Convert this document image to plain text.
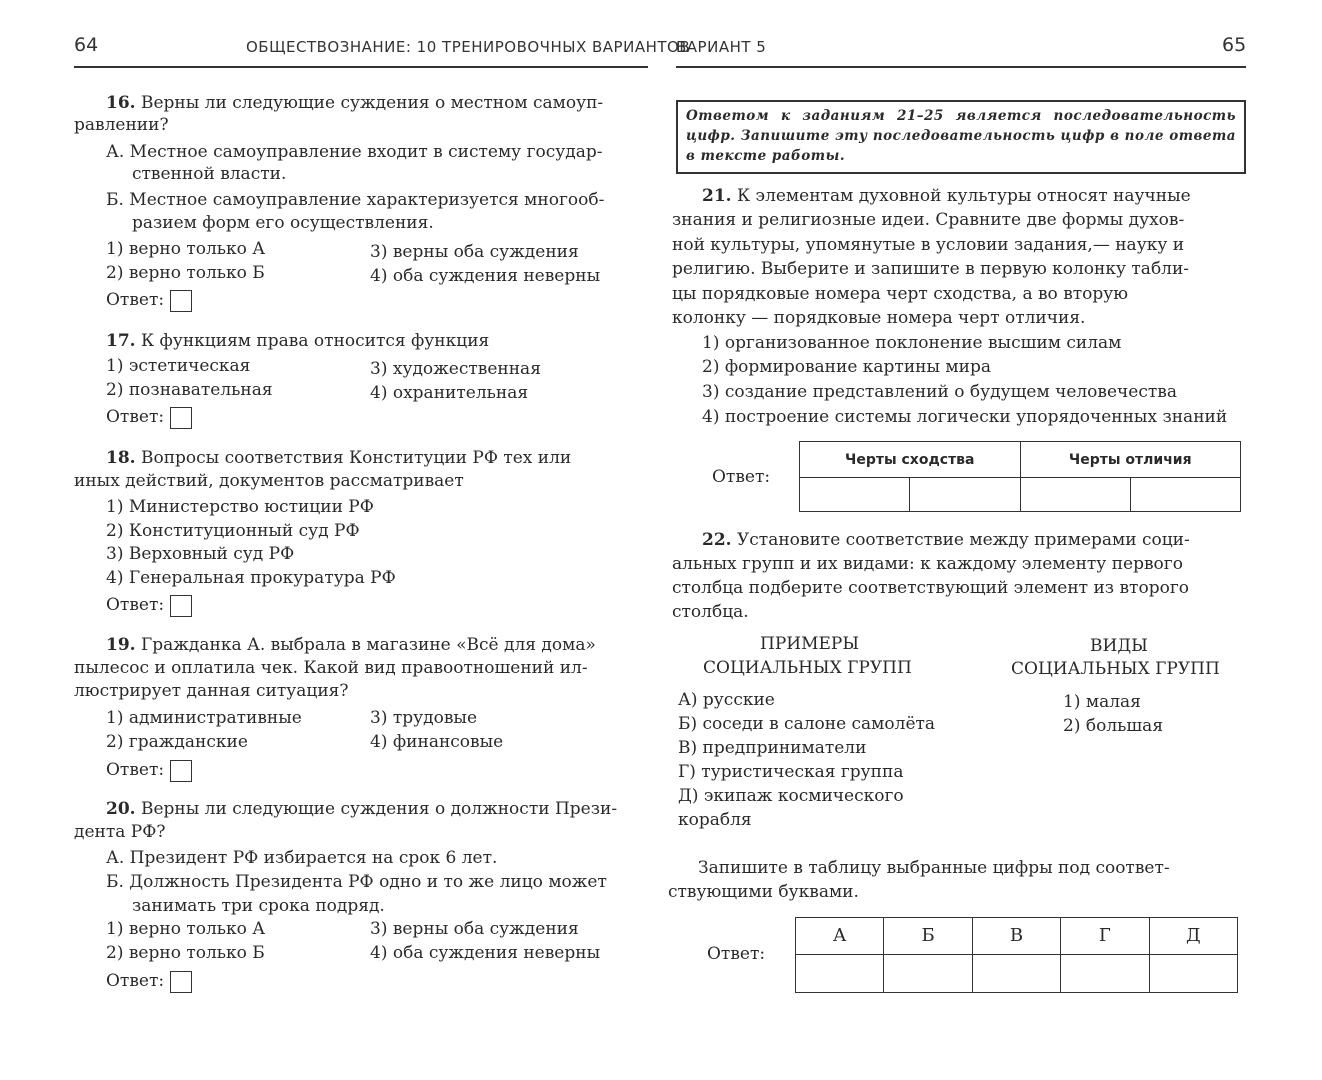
64	ОБЩЕСТВОЗНАНИЕ: 10 ТРЕНИРОВОЧНЫХ ВАРИАНТОВ
16. Верны ли следующие суждения о местном самоуп-
равлении?
А. Местное самоуправление входит в систему государ-
ственной власти.
Б. Местное самоуправление характеризуется многооб-
разием форм его осуществления.
1) верно только А	3) верны оба суждения
2) верно только Б	4) оба суждения неверны
Ответ:
17. К функциям права относится функция
1) эстетическая	3) художественная
2) познавательная	4) охранительная
Ответ:
18. Вопросы соответствия Конституции РФ тех или
иных действий, документов рассматривает
1) Министерство юстиции РФ
2) Конституционный суд РФ
3) Верховный суд РФ
4) Генеральная прокуратура РФ
Ответ:
19. Гражданка А. выбрала в магазине «Всё для дома»
пылесос и оплатила чек. Какой вид правоотношений ил-
люстрирует данная ситуация?
1) административные	3) трудовые
2) гражданские	4) финансовые
Ответ:
20. Верны ли следующие суждения о должности Прези-
дента РФ?
А. Президент РФ избирается на срок 6 лет.
Б. Должность Президента РФ одно и то же лицо может
занимать три срока подряд.
1) верно только А	3) верны оба суждения
2) верно только Б	4) оба суждения неверны
Ответ:
ВАРИАНТ 5	65
Ответом к заданиям 21–25 является последовательность цифр. Запишите эту последовательность цифр в поле ответа в тексте работы.
21. К элементам духовной культуры относят научные
знания и религиозные идеи. Сравните две формы духов-
ной культуры, упомянутые в условии задания,— науку и
религию. Выберите и запишите в первую колонку табли-
цы порядковые номера черт сходства, а во вторую
колонку — порядковые номера черт отличия.
1) организованное поклонение высшим силам
2) формирование картины мира
3) создание представлений о будущем человечества
4) построение системы логически упорядоченных знаний
Ответ:
Черты сходства		Черты отличия	

22. Установите соответствие между примерами соци-
альных групп и их видами: к каждому элементу первого
столбца подберите соответствующий элемент из второго
столбца.
ПРИМЕРЫ
СОЦИАЛЬНЫХ ГРУПП
ВИДЫ
СОЦИАЛЬНЫХ ГРУПП
А) русские
Б) соседи в салоне самолёта
В) предприниматели
Г) туристическая группа
Д) экипаж космического
корабля
1) малая
2) большая
Запишите в таблицу выбранные цифры под соответ-
ствующими буквами.
Ответ:
А	Б	В	Г	Д
